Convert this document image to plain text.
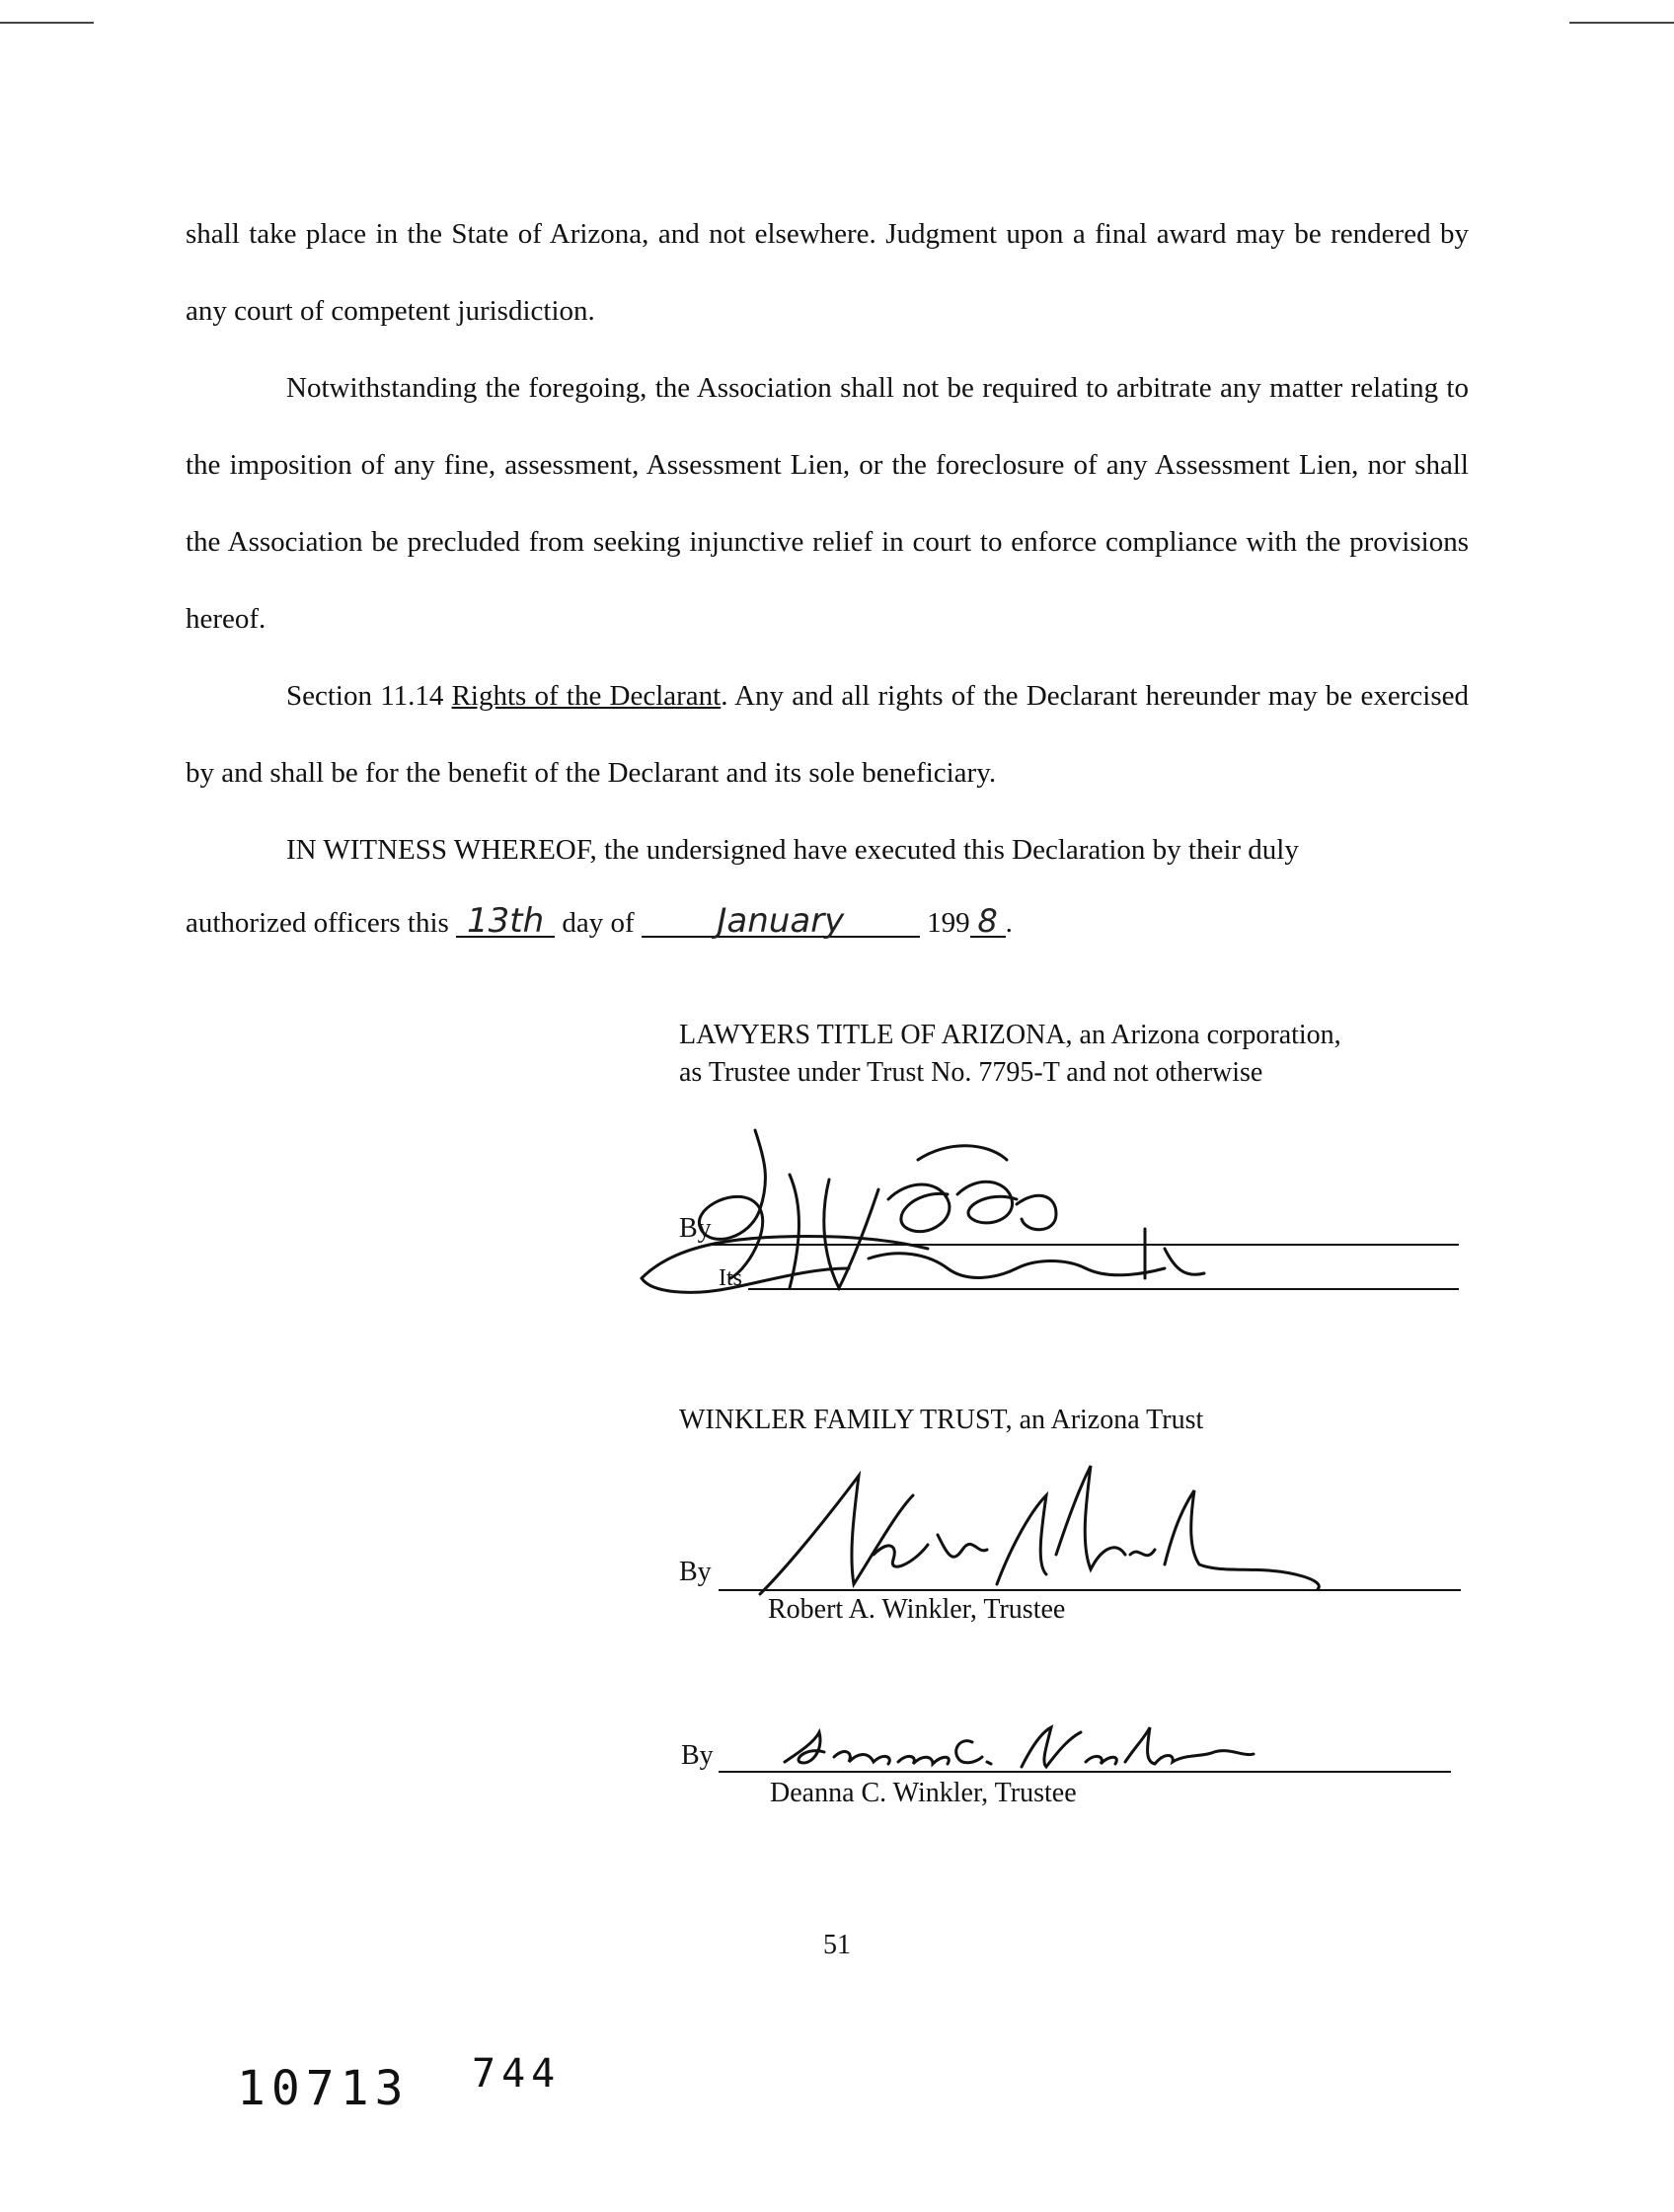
shall take place in the State of Arizona, and not elsewhere. Judgment upon a final award may be rendered by any court of competent jurisdiction.

Notwithstanding the foregoing, the Association shall not be required to arbitrate any matter relating to the imposition of any fine, assessment, Assessment Lien, or the foreclosure of any Assessment Lien, nor shall the Association be precluded from seeking injunctive relief in court to enforce compliance with the provisions hereof.

Section 11.14 Rights of the Declarant. Any and all rights of the Declarant hereunder may be exercised by and shall be for the benefit of the Declarant and its sole beneficiary.

IN WITNESS WHEREOF, the undersigned have executed this Declaration by their duly

authorized officers this 13th day of January	199 8 .
LAWYERS TITLE OF ARIZONA, an Arizona corporation,
as Trustee under Trust No. 7795-T and not otherwise
By
Its
WINKLER FAMILY TRUST, an Arizona Trust
By
Robert A. Winkler, Trustee
By
Deanna C. Winkler, Trustee
51
10713 744
